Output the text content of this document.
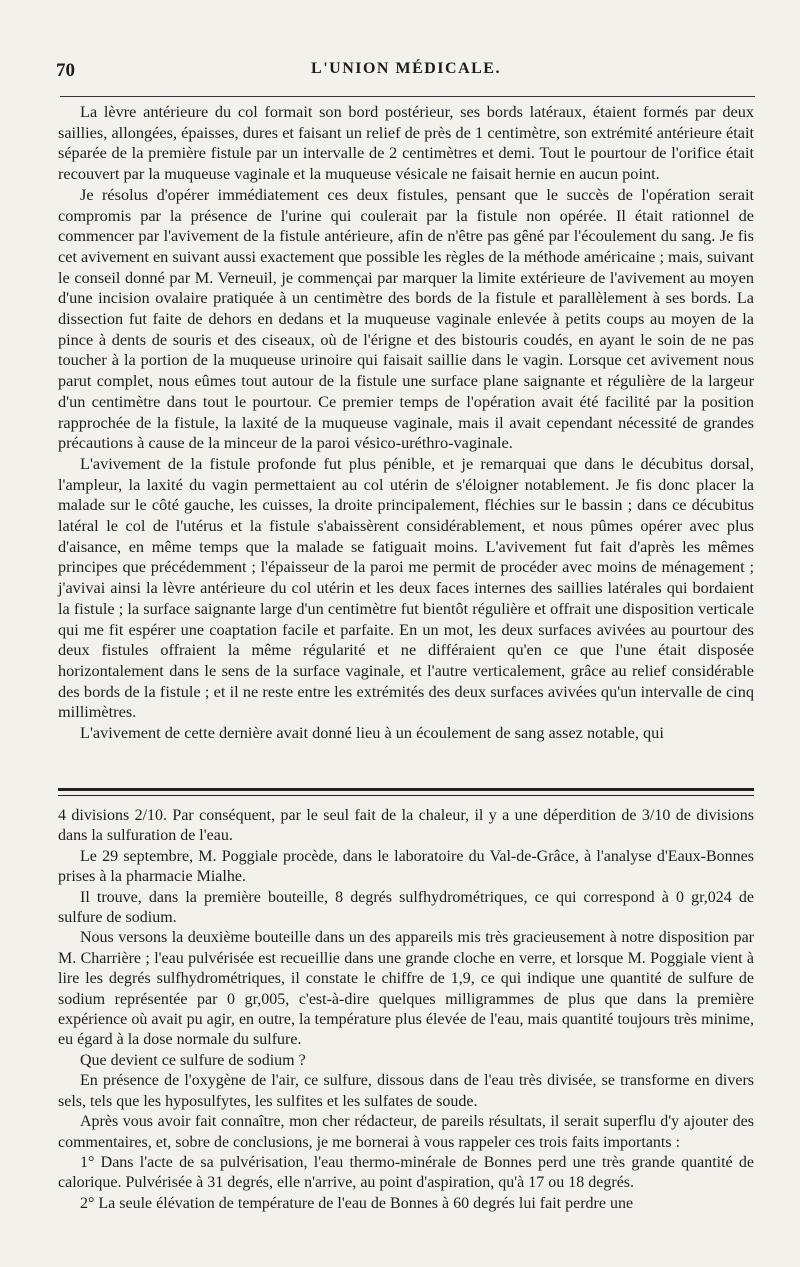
70	L'UNION MÉDICALE.

La lèvre antérieure du col formait son bord postérieur, ses bords latéraux, étaient formés par deux saillies, allongées, épaisses, dures et faisant un relief de près de 1 centimètre, son extrémité antérieure était séparée de la première fistule par un intervalle de 2 centimètres et demi. Tout le pourtour de l'orifice était recouvert par la muqueuse vaginale et la muqueuse vésicale ne faisait hernie en aucun point.

Je résolus d'opérer immédiatement ces deux fistules, pensant que le succès de l'opération serait compromis par la présence de l'urine qui coulerait par la fistule non opérée. Il était rationnel de commencer par l'avivement de la fistule antérieure, afin de n'être pas gêné par l'écoulement du sang. Je fis cet avivement en suivant aussi exactement que possible les règles de la méthode américaine ; mais, suivant le conseil donné par M. Verneuil, je commençai par marquer la limite extérieure de l'avivement au moyen d'une incision ovalaire pratiquée à un centimètre des bords de la fistule et parallèlement à ses bords. La dissection fut faite de dehors en dedans et la muqueuse vaginale enlevée à petits coups au moyen de la pince à dents de souris et des ciseaux, où de l'érigne et des bistouris coudés, en ayant le soin de ne pas toucher à la portion de la muqueuse urinoire qui faisait saillie dans le vagin. Lorsque cet avivement nous parut complet, nous eûmes tout autour de la fistule une surface plane saignante et régulière de la largeur d'un centimètre dans tout le pourtour. Ce premier temps de l'opération avait été facilité par la position rapprochée de la fistule, la laxité de la muqueuse vaginale, mais il avait cependant nécessité de grandes précautions à cause de la minceur de la paroi vésico-uréthro-vaginale.

L'avivement de la fistule profonde fut plus pénible, et je remarquai que dans le décubitus dorsal, l'ampleur, la laxité du vagin permettaient au col utérin de s'éloigner notablement. Je fis donc placer la malade sur le côté gauche, les cuisses, la droite principalement, fléchies sur le bassin ; dans ce décubitus latéral le col de l'utérus et la fistule s'abaissèrent considérablement, et nous pûmes opérer avec plus d'aisance, en même temps que la malade se fatiguait moins. L'avivement fut fait d'après les mêmes principes que précédemment ; l'épaisseur de la paroi me permit de procéder avec moins de ménagement ; j'avivai ainsi la lèvre antérieure du col utérin et les deux faces internes des saillies latérales qui bordaient la fistule ; la surface saignante large d'un centimètre fut bientôt régulière et offrait une disposition verticale qui me fit espérer une coaptation facile et parfaite. En un mot, les deux surfaces avivées au pourtour des deux fistules offraient la même régularité et ne différaient qu'en ce que l'une était disposée horizontalement dans le sens de la surface vaginale, et l'autre verticalement, grâce au relief considérable des bords de la fistule ; et il ne reste entre les extrémités des deux surfaces avivées qu'un intervalle de cinq millimètres.

L'avivement de cette dernière avait donné lieu à un écoulement de sang assez notable, qui

4 divisions 2/10. Par conséquent, par le seul fait de la chaleur, il y a une déperdition de 3/10 de divisions dans la sulfuration de l'eau.

Le 29 septembre, M. Poggiale procède, dans le laboratoire du Val-de-Grâce, à l'analyse d'Eaux-Bonnes prises à la pharmacie Mialhe.

Il trouve, dans la première bouteille, 8 degrés sulfhydrométriques, ce qui correspond à 0 gr,024 de sulfure de sodium.

Nous versons la deuxième bouteille dans un des appareils mis très gracieusement à notre disposition par M. Charrière ; l'eau pulvérisée est recueillie dans une grande cloche en verre, et lorsque M. Poggiale vient à lire les degrés sulfhydrométriques, il constate le chiffre de 1,9, ce qui indique une quantité de sulfure de sodium représentée par 0 gr,005, c'est-à-dire quelques milligrammes de plus que dans la première expérience où avait pu agir, en outre, la température plus élevée de l'eau, mais quantité toujours très minime, eu égard à la dose normale du sulfure.

Que devient ce sulfure de sodium ?

En présence de l'oxygène de l'air, ce sulfure, dissous dans de l'eau très divisée, se transforme en divers sels, tels que les hyposulfytes, les sulfites et les sulfates de soude.

Après vous avoir fait connaître, mon cher rédacteur, de pareils résultats, il serait superflu d'y ajouter des commentaires, et, sobre de conclusions, je me bornerai à vous rappeler ces trois faits importants :

1° Dans l'acte de sa pulvérisation, l'eau thermo-minérale de Bonnes perd une très grande quantité de calorique. Pulvérisée à 31 degrés, elle n'arrive, au point d'aspiration, qu'à 17 ou 18 degrés.

2° La seule élévation de température de l'eau de Bonnes à 60 degrés lui fait perdre une
